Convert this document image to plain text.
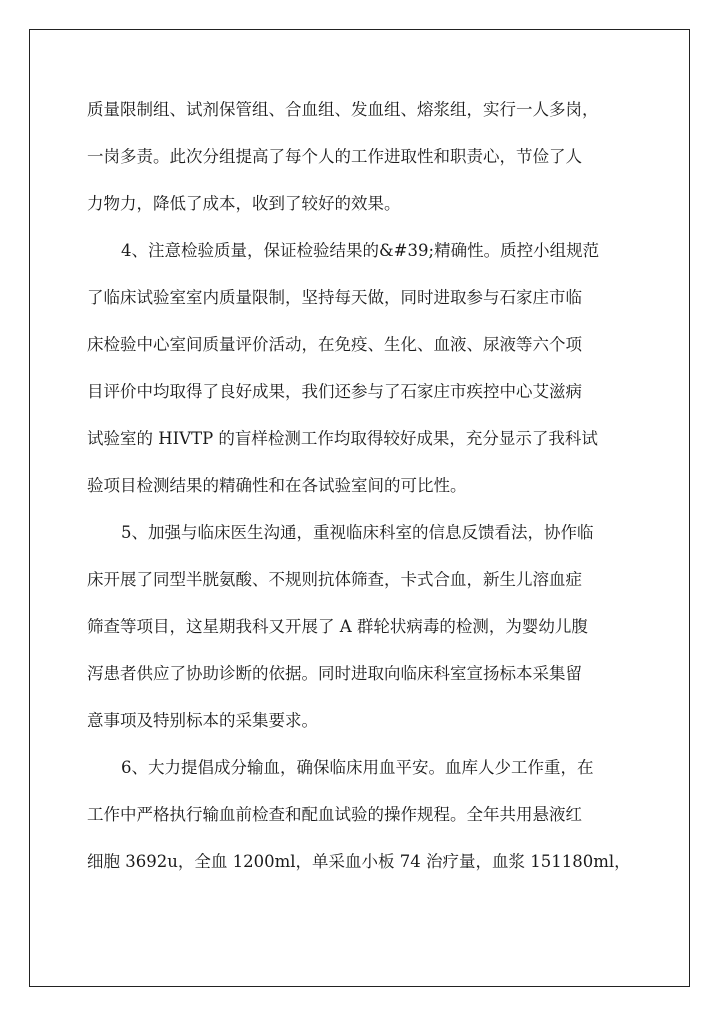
质量限制组、试剂保管组、合血组、发血组、熔浆组，实行一人多岗，
一岗多责。此次分组提高了每个人的工作进取性和职责心，节俭了人
力物力，降低了成本，收到了较好的效果。
4、注意检验质量，保证检验结果的&#39;精确性。质控小组规范
了临床试验室室内质量限制，坚持每天做，同时进取参与石家庄市临
床检验中心室间质量评价活动，在免疫、生化、血液、尿液等六个项
目评价中均取得了良好成果，我们还参与了石家庄市疾控中心艾滋病
试验室的 HIVTP 的盲样检测工作均取得较好成果，充分显示了我科试
验项目检测结果的精确性和在各试验室间的可比性。
5、加强与临床医生沟通，重视临床科室的信息反馈看法，协作临
床开展了同型半胱氨酸、不规则抗体筛查，卡式合血，新生儿溶血症
筛查等项目，这星期我科又开展了 A 群轮状病毒的检测，为婴幼儿腹
泻患者供应了协助诊断的依据。同时进取向临床科室宣扬标本采集留
意事项及特别标本的采集要求。
6、大力提倡成分输血，确保临床用血平安。血库人少工作重，在
工作中严格执行输血前检查和配血试验的操作规程。全年共用悬液红
细胞 3692u，全血 1200ml，单采血小板 74 治疗量，血浆 151180ml，
